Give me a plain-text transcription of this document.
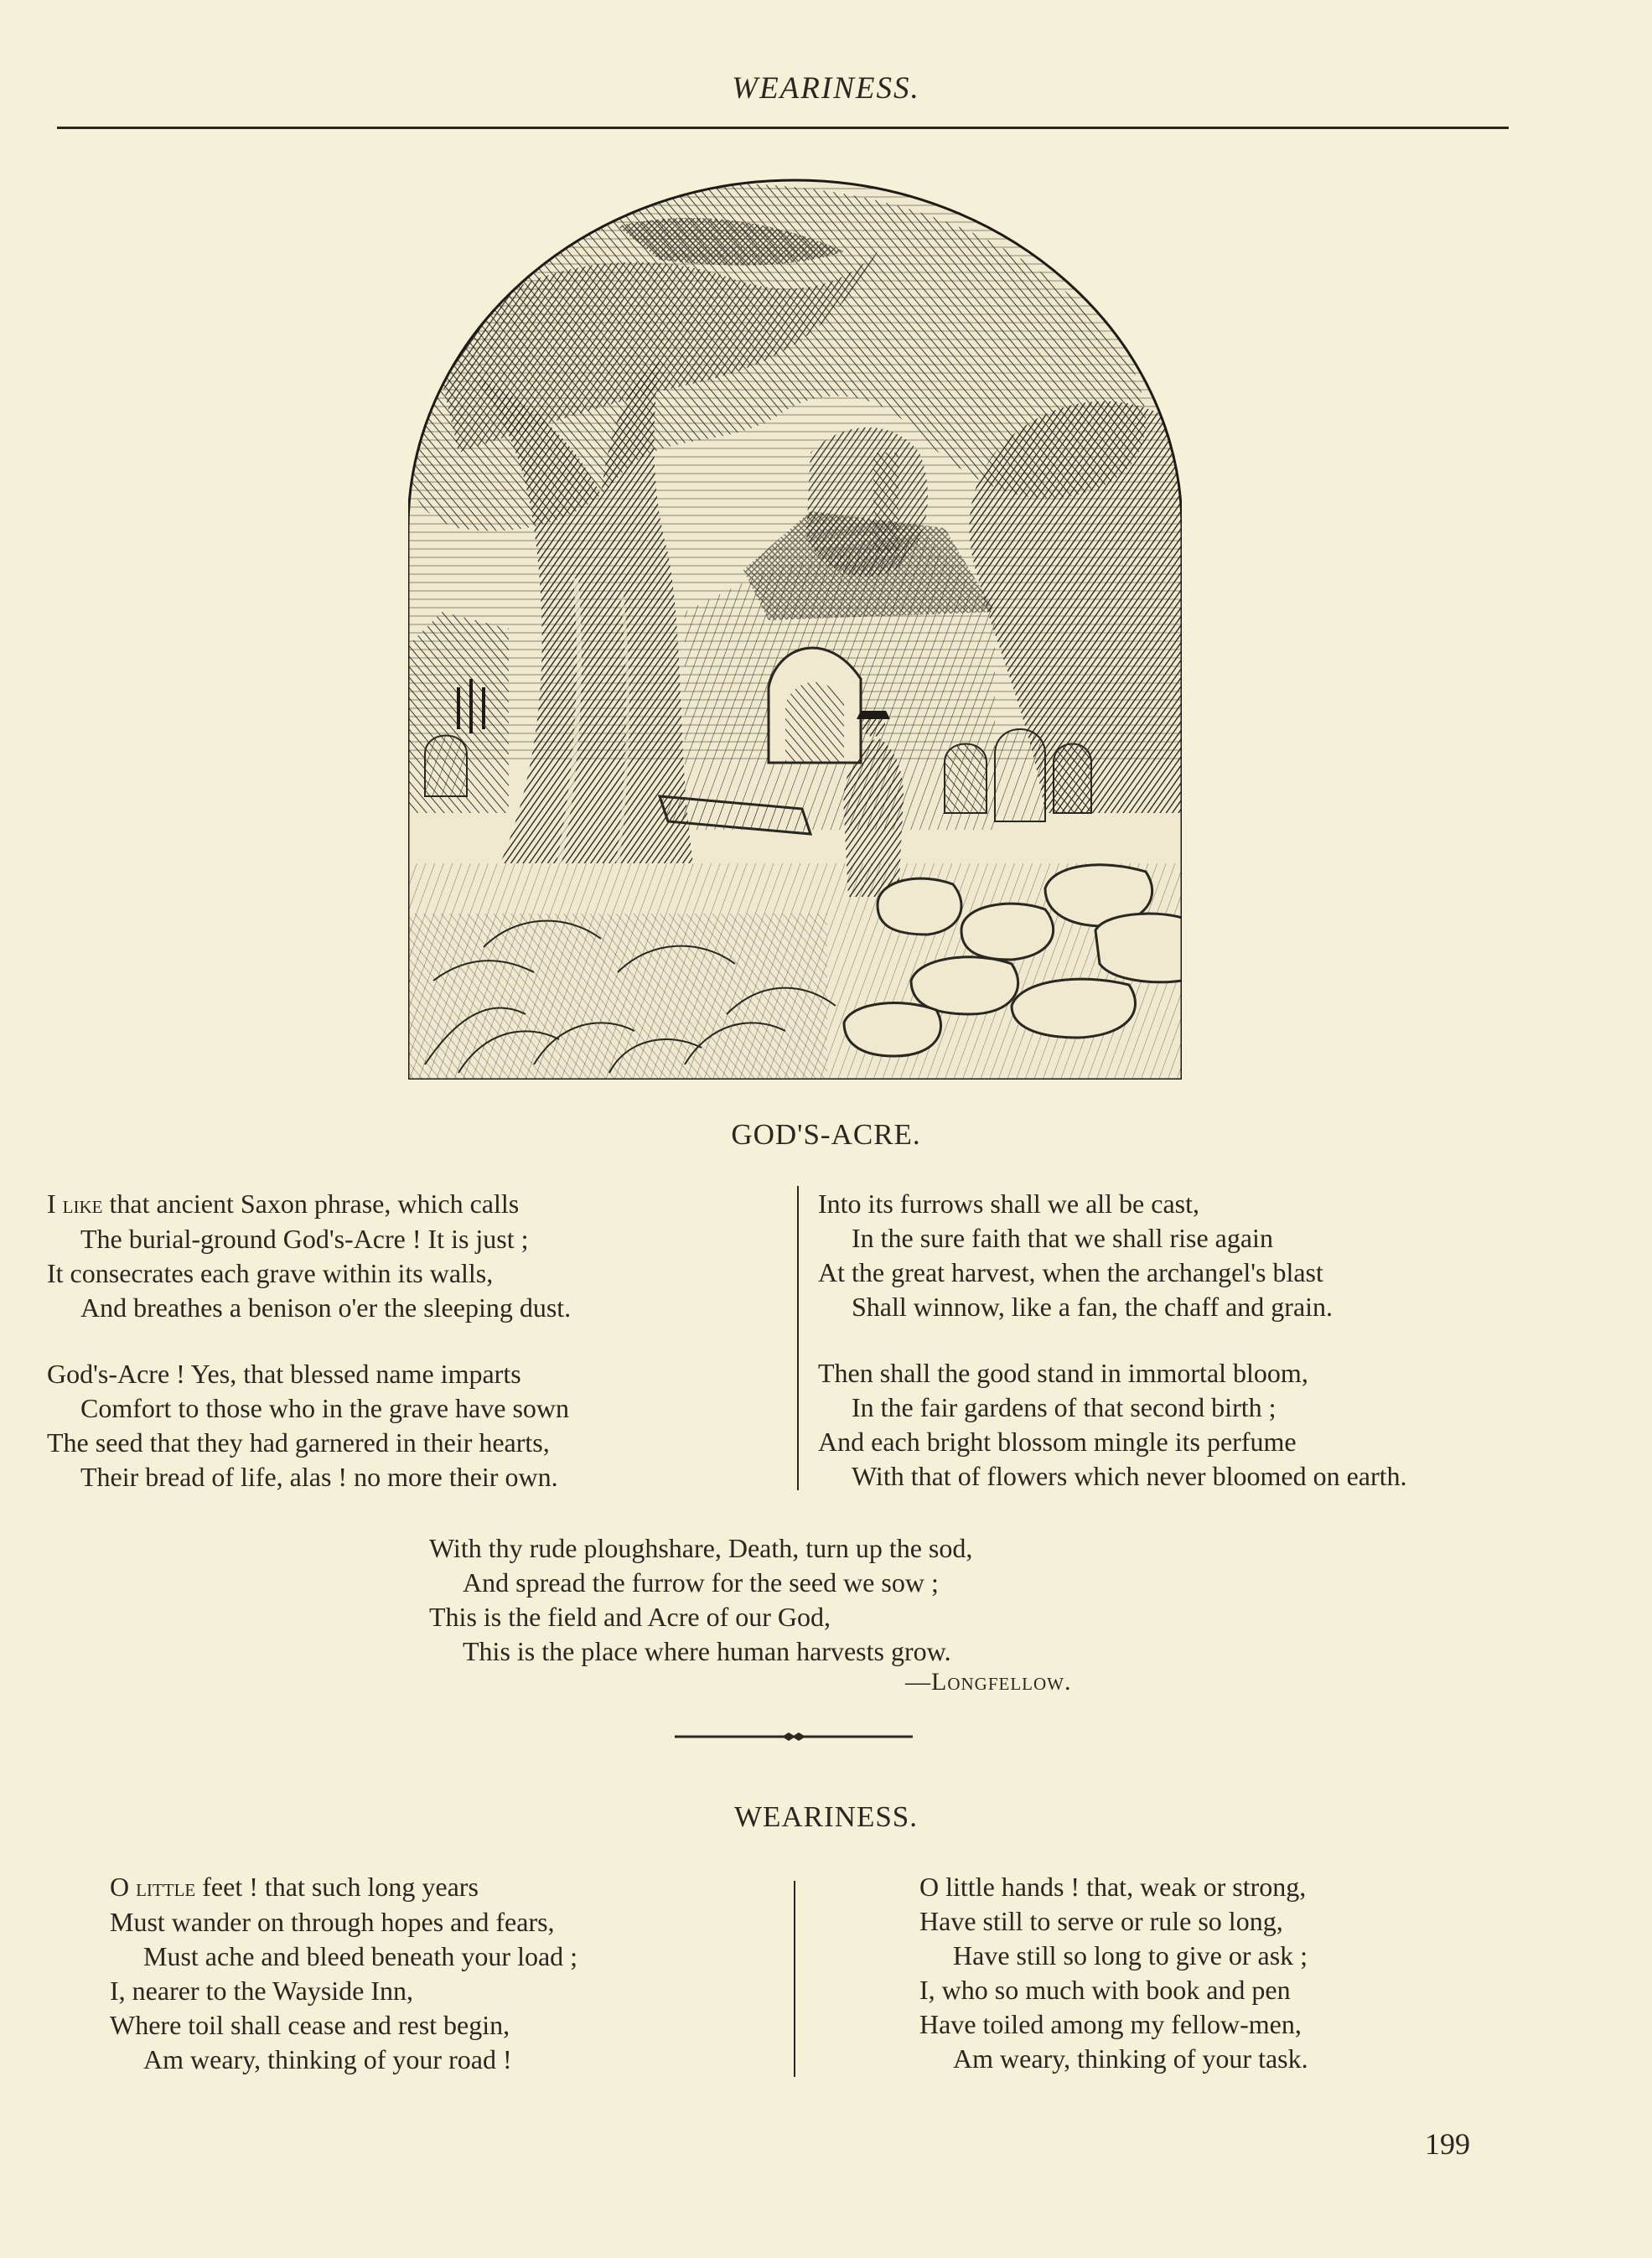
WEARINESS.
GOD'S-ACRE.
I like that ancient Saxon phrase, which calls
The burial-ground God's-Acre ! It is just ;
It consecrates each grave within its walls,
And breathes a benison o'er the sleeping dust.
God's-Acre ! Yes, that blessed name imparts
Comfort to those who in the grave have sown
The seed that they had garnered in their hearts,
Their bread of life, alas ! no more their own.
Into its furrows shall we all be cast,
In the sure faith that we shall rise again
At the great harvest, when the archangel's blast
Shall winnow, like a fan, the chaff and grain.
Then shall the good stand in immortal bloom,
In the fair gardens of that second birth ;
And each bright blossom mingle its perfume
With that of flowers which never bloomed on earth.
With thy rude ploughshare, Death, turn up the sod,
And spread the furrow for the seed we sow ;
This is the field and Acre of our God,
This is the place where human harvests grow.
—Longfellow.
WEARINESS.
O little feet ! that such long years
Must wander on through hopes and fears,
Must ache and bleed beneath your load ;
I, nearer to the Wayside Inn,
Where toil shall cease and rest begin,
Am weary, thinking of your road !
O little hands ! that, weak or strong,
Have still to serve or rule so long,
Have still so long to give or ask ;
I, who so much with book and pen
Have toiled among my fellow-men,
Am weary, thinking of your task.
199
